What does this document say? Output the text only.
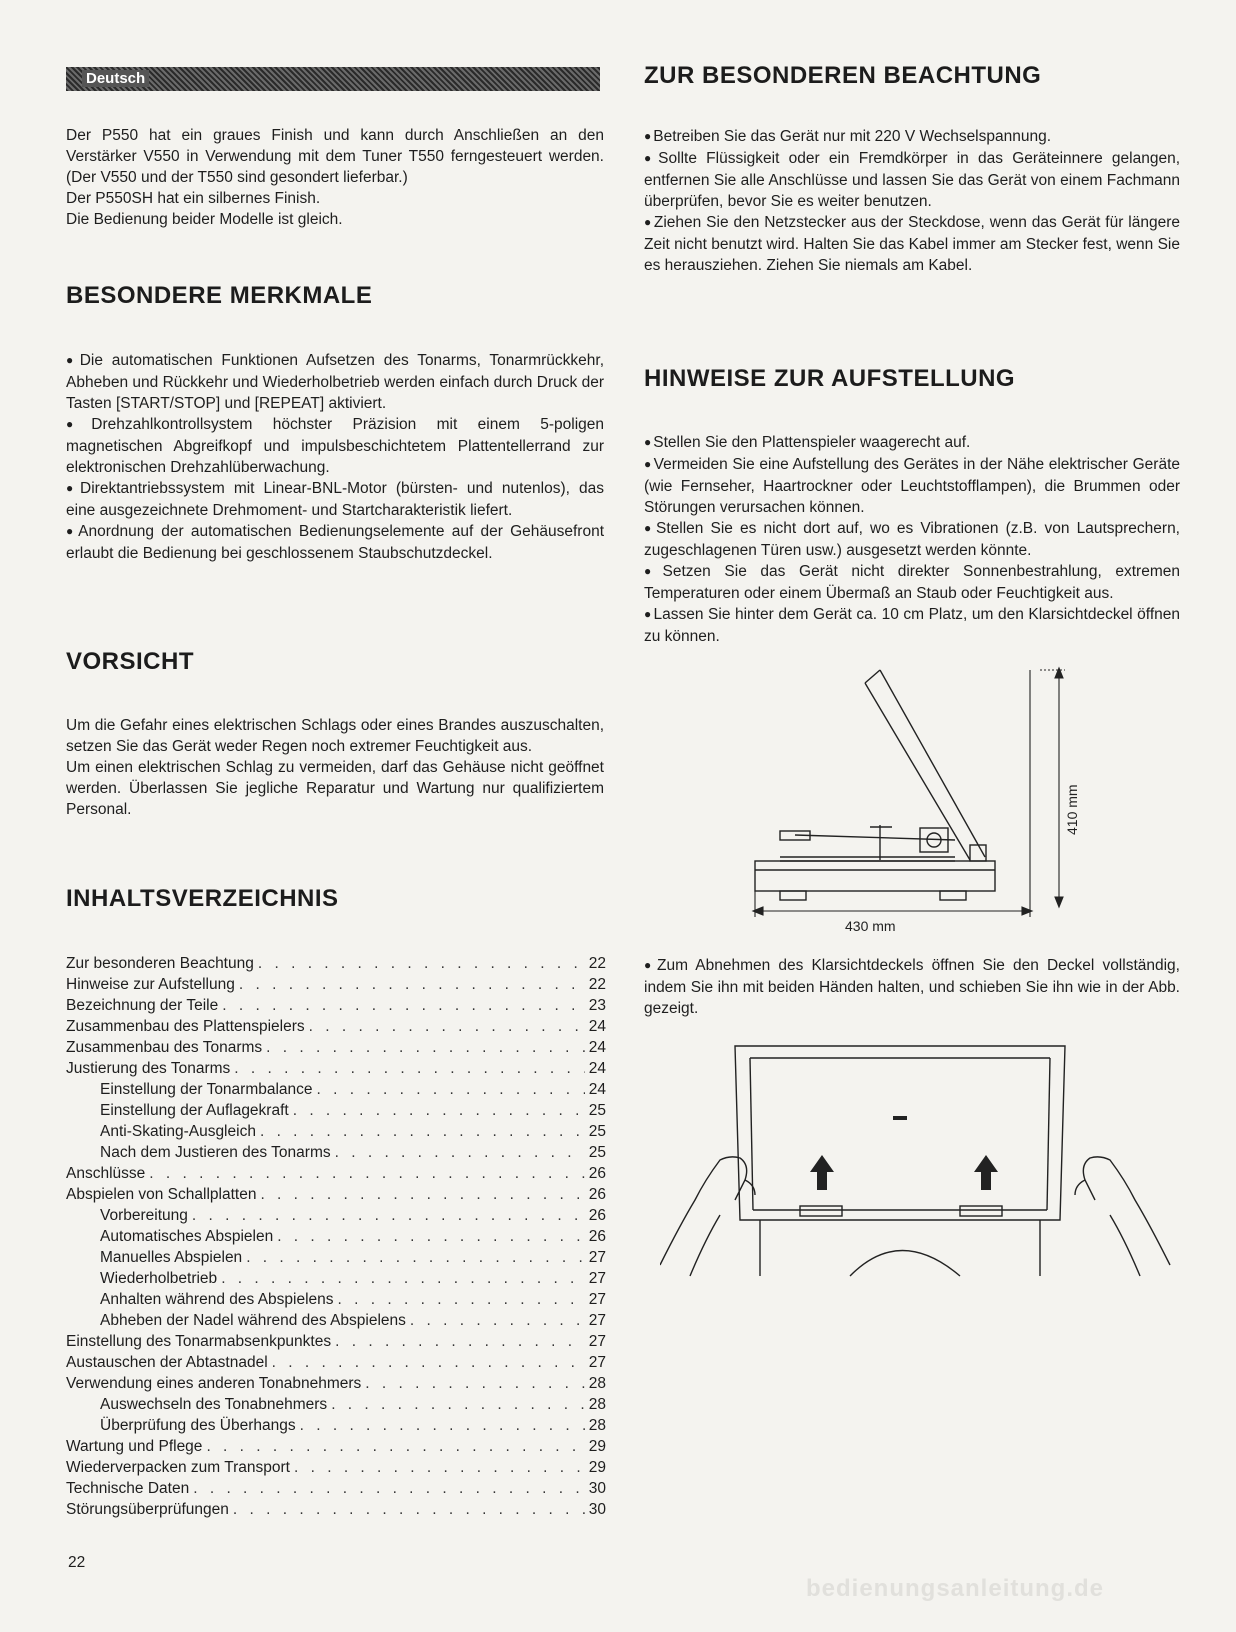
Deutsch

Der P550 hat ein graues Finish und kann durch Anschließen an den Verstärker V550 in Verwendung mit dem Tuner T550 ferngesteuert werden. (Der V550 und der T550 sind gesondert lieferbar.)

Der P550SH hat ein silbernes Finish.

Die Bedienung beider Modelle ist gleich.

BESONDERE MERKMALE

● Die automatischen Funktionen Aufsetzen des Tonarms, Tonarmrückkehr, Abheben und Rückkehr und Wiederholbetrieb werden einfach durch Druck der Tasten [START/STOP] und [REPEAT] aktiviert.

● Drehzahlkontrollsystem höchster Präzision mit einem 5-poligen magnetischen Abgreifkopf und impulsbeschichtetem Plattentellerrand zur elektronischen Drehzahlüberwachung.

● Direktantriebssystem mit Linear-BNL-Motor (bürsten- und nutenlos), das eine ausgezeichnete Drehmoment- und Startcharakteristik liefert.

● Anordnung der automatischen Bedienungselemente auf der Gehäusefront erlaubt die Bedienung bei geschlossenem Staubschutzdeckel.

VORSICHT

Um die Gefahr eines elektrischen Schlags oder eines Brandes auszuschalten, setzen Sie das Gerät weder Regen noch extremer Feuchtigkeit aus.

Um einen elektrischen Schlag zu vermeiden, darf das Gehäuse nicht geöffnet werden. Überlassen Sie jegliche Reparatur und Wartung nur qualifiziertem Personal.

INHALTSVERZEICHNIS
Zur besonderen Beachtung . . .	22
Hinweise zur Aufstellung . . .	22
Bezeichnung der Teile . . .	23
Zusammenbau des Plattenspielers . . .	24
Zusammenbau des Tonarms . . .	24
Justierung des Tonarms . . .	24
Einstellung der Tonarmbalance . . .	24
Einstellung der Auflagekraft . . .	25
Anti-Skating-Ausgleich . . .	25
Nach dem Justieren des Tonarms . . .	25
Anschlüsse . . .	26
Abspielen von Schallplatten . . .	26
Vorbereitung . . .	26
Automatisches Abspielen . . .	26
Manuelles Abspielen . . .	27
Wiederholbetrieb . . .	27
Anhalten während des Abspielens . . .	27
Abheben der Nadel während des Abspielens . . .	27
Einstellung des Tonarmabsenkpunktes . . .	27
Austauschen der Abtastnadel . . .	27
Verwendung eines anderen Tonabnehmers . . .	28
Auswechseln des Tonabnehmers . . .	28
Überprüfung des Überhangs . . .	28
Wartung und Pflege . . .	29
Wiederverpacken zum Transport . . .	29
Technische Daten . . .	30
Störungsüberprüfungen . . .	30
ZUR BESONDEREN BEACHTUNG

● Betreiben Sie das Gerät nur mit 220 V Wechselspannung.

● Sollte Flüssigkeit oder ein Fremdkörper in das Geräteinnere gelangen, entfernen Sie alle Anschlüsse und lassen Sie das Gerät von einem Fachmann überprüfen, bevor Sie es weiter benutzen.

● Ziehen Sie den Netzstecker aus der Steckdose, wenn das Gerät für längere Zeit nicht benutzt wird. Halten Sie das Kabel immer am Stecker fest, wenn Sie es herausziehen. Ziehen Sie niemals am Kabel.

HINWEISE ZUR AUFSTELLUNG

● Stellen Sie den Plattenspieler waagerecht auf.

● Vermeiden Sie eine Aufstellung des Gerätes in der Nähe elektrischer Geräte (wie Fernseher, Haartrockner oder Leuchtstofflampen), die Brummen oder Störungen verursachen können.

● Stellen Sie es nicht dort auf, wo es Vibrationen (z.B. von Lautsprechern, zugeschlagenen Türen usw.) ausgesetzt werden könnte.

● Setzen Sie das Gerät nicht direkter Sonnenbestrahlung, extremen Temperaturen oder einem Übermaß an Staub oder Feuchtigkeit aus.

● Lassen Sie hinter dem Gerät ca. 10 cm Platz, um den Klarsichtdeckel öffnen zu können.

430 mm
410 mm

● Zum Abnehmen des Klarsichtdeckels öffnen Sie den Deckel vollständig, indem Sie ihn mit beiden Händen halten, und schieben Sie ihn wie in der Abb. gezeigt.

22
bedienungsanleitung.de
